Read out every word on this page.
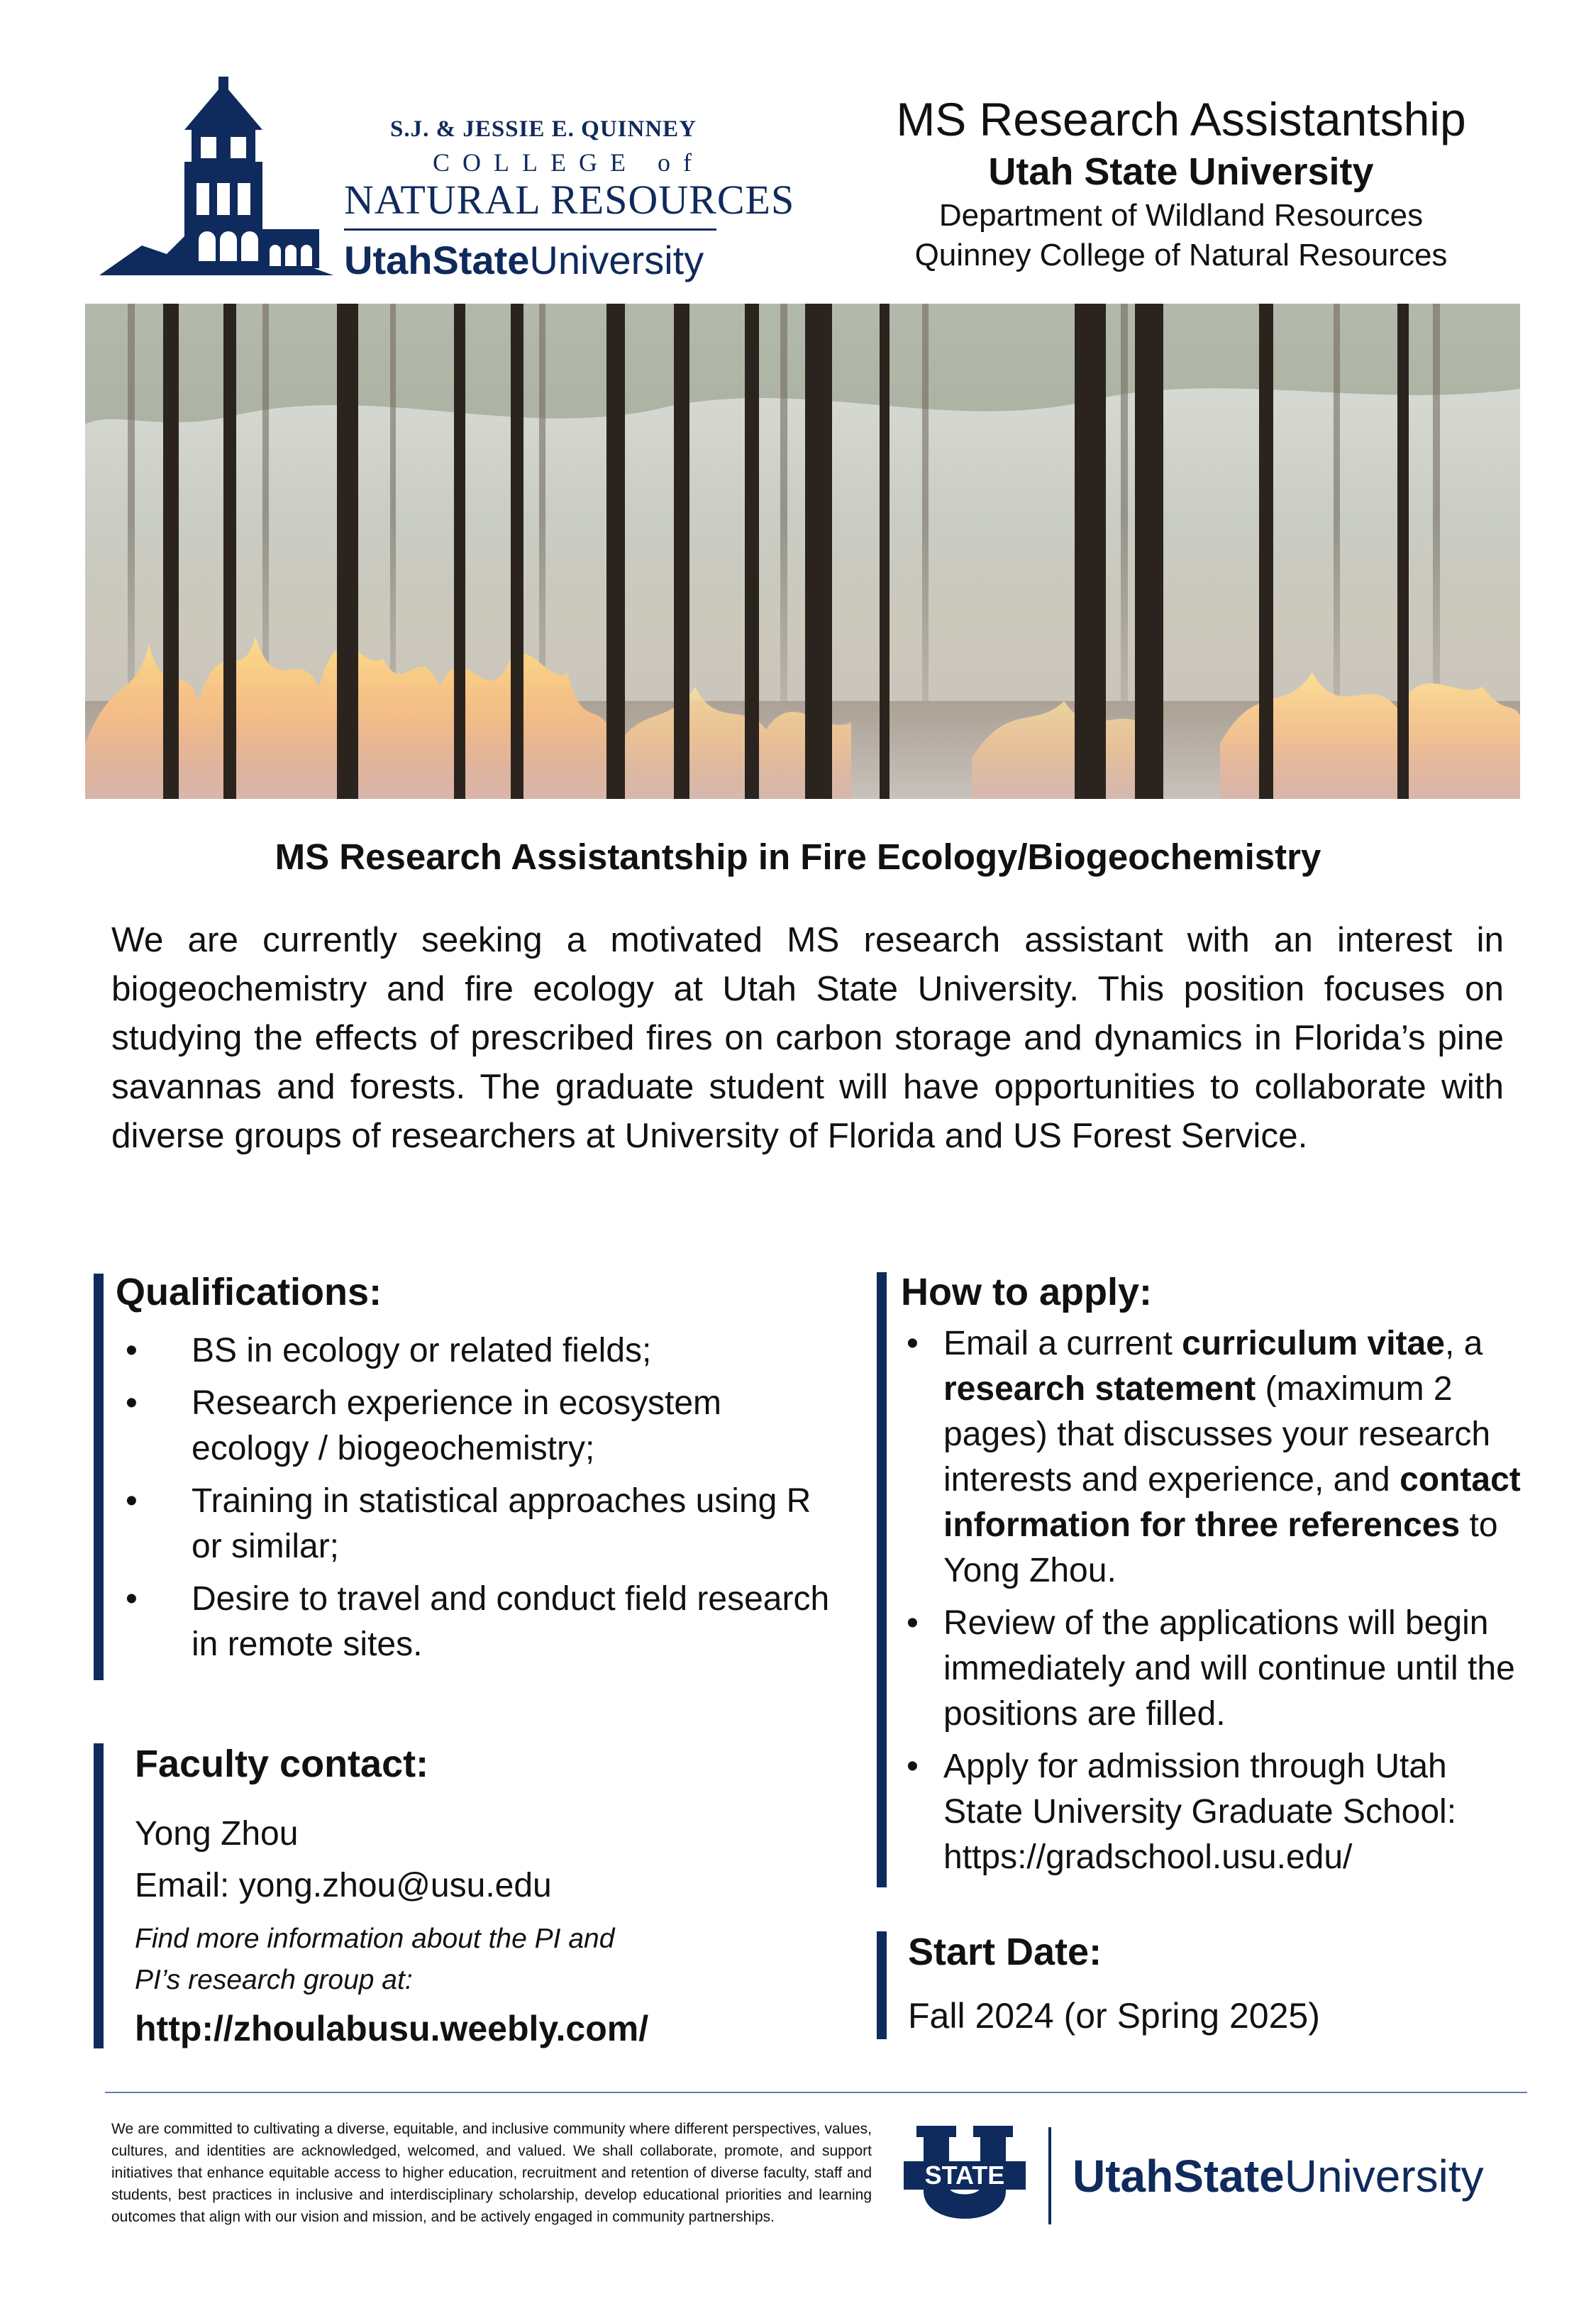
S.J. & JESSIE E. QUINNEY
COLLEGE of
NATURAL RESOURCES
UtahStateUniversity
MS Research Assistantship
Utah State University
Department of Wildland Resources
Quinney College of Natural Resources
MS Research Assistantship in Fire Ecology/Biogeochemistry
We are currently seeking a motivated MS research assistant with an interest in biogeochemistry and fire ecology at Utah State University. This position focuses on studying the effects of prescribed fires on carbon storage and dynamics in Florida’s pine savannas and forests. The graduate student will have opportunities to collaborate with diverse groups of researchers at University of Florida and US Forest Service.
Qualifications:
• BS in ecology or related fields;
• Research experience in ecosystem ecology / biogeochemistry;
• Training in statistical approaches using R or similar;
• Desire to travel and conduct field research in remote sites.
Faculty contact:
Yong Zhou
Email: yong.zhou@usu.edu
Find more information about the PI and
PI’s research group at:
http://zhoulabusu.weebly.com/
How to apply:
• Email a current curriculum vitae, a research statement (maximum 2 pages) that discusses your research interests and experience, and contact information for three references to Yong Zhou.
• Review of the applications will begin immediately and will continue until the positions are filled.
• Apply for admission through Utah State University Graduate School: https://gradschool.usu.edu/
Start Date:
Fall 2024 (or Spring 2025)
We are committed to cultivating a diverse, equitable, and inclusive community where different perspectives, values, cultures, and identities are acknowledged, welcomed, and valued. We shall collaborate, promote, and support initiatives that enhance equitable access to higher education, recruitment and retention of diverse faculty, staff and students, best practices in inclusive and interdisciplinary scholarship, develop educational priorities and learning outcomes that align with our vision and mission, and be actively engaged in community partnerships.
STATE UtahStateUniversity
